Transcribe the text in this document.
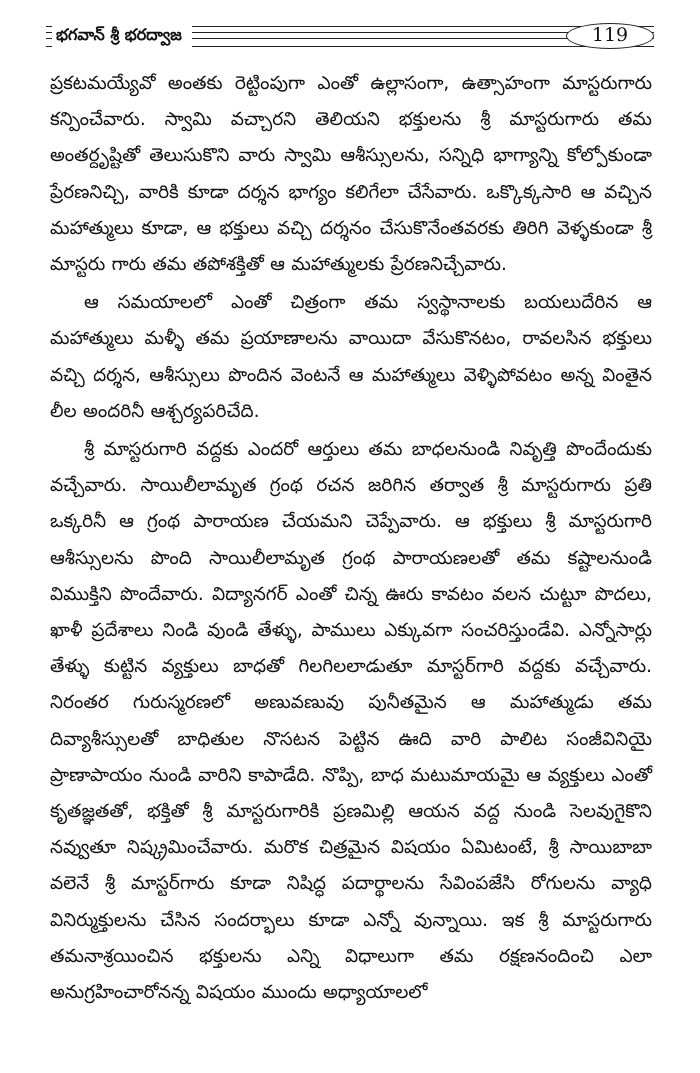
భగవాన్ శ్రీ భరద్వాజ	119

ప్రకటమయ్యేవో అంతకు రెట్టింపుగా ఎంతో ఉల్లాసంగా, ఉత్సాహంగా మాస్టరుగారు కన్పించేవారు. స్వామి వచ్చారని తెలియని భక్తులను శ్రీ మాస్టరుగారు తమ అంతర్దృష్టితో తెలుసుకొని వారు స్వామి ఆశీస్సులను, సన్నిధి భాగ్యాన్ని కోల్పోకుండా ప్రేరణనిచ్చి, వారికి కూడా దర్శన భాగ్యం కలిగేలా చేసేవారు. ఒక్కొక్కసారి ఆ వచ్చిన మహాత్ములు కూడా, ఆ భక్తులు వచ్చి దర్శనం చేసుకొనేంతవరకు తిరిగి వెళ్ళకుండా శ్రీ మాస్టరు గారు తమ తపోశక్తితో ఆ మహాత్ములకు ప్రేరణనిచ్చేవారు.

ఆ సమయాలలో ఎంతో చిత్రంగా తమ స్వస్థానాలకు బయలుదేరిన ఆ మహాత్ములు మళ్ళీ తమ ప్రయాణాలను వాయిదా వేసుకొనటం, రావలసిన భక్తులు వచ్చి దర్శన, ఆశీస్సులు పొందిన వెంటనే ఆ మహాత్ములు వెళ్ళిపోవటం అన్న వింతైన లీల అందరినీ ఆశ్చర్యపరిచేది.

శ్రీ మాస్టరుగారి వద్దకు ఎందరో ఆర్తులు తమ బాధలనుండి నివృత్తి పొందేందుకు వచ్చేవారు. సాయిలీలామృత గ్రంథ రచన జరిగిన తర్వాత శ్రీ మాస్టరుగారు ప్రతి ఒక్కరినీ ఆ గ్రంథ పారాయణ చేయమని చెప్పేవారు. ఆ భక్తులు శ్రీ మాస్టరుగారి ఆశీస్సులను పొంది సాయిలీలామృత గ్రంథ పారాయణలతో తమ కష్టాలనుండి విముక్తిని పొందేవారు. విద్యానగర్ ఎంతో చిన్న ఊరు కావటం వలన చుట్టూ పొదలు, ఖాళీ ప్రదేశాలు నిండి వుండి తేళ్ళు, పాములు ఎక్కువగా సంచరిస్తుండేవి. ఎన్నోసార్లు తేళ్ళు కుట్టిన వ్యక్తులు బాధతో గిలగిలలాడుతూ మాస్టర్‌గారి వద్దకు వచ్చేవారు. నిరంతర గురుస్మరణలో అణువణువు పునీతమైన ఆ మహాత్ముడు తమ దివ్యాశీస్సులతో బాధితుల నొసటన పెట్టిన ఊది వారి పాలిట సంజీవినియై ప్రాణాపాయం నుండి వారిని కాపాడేది. నొప్పి, బాధ మటుమాయమై ఆ వ్యక్తులు ఎంతో కృతజ్ఞతతో, భక్తితో శ్రీ మాస్టరుగారికి ప్రణమిల్లి ఆయన వద్ద నుండి సెలవుగైకొని నవ్వుతూ నిష్క్రమించేవారు. మరొక చిత్రమైన విషయం ఏమిటంటే, శ్రీ సాయిబాబా వలెనే శ్రీ మాస్టర్‌గారు కూడా నిషిద్ధ పదార్థాలను సేవింపజేసి రోగులను వ్యాధి వినిర్ముక్తులను చేసిన సందర్భాలు కూడా ఎన్నో వున్నాయి. ఇక శ్రీ మాస్టరుగారు తమనాశ్రయించిన భక్తులను ఎన్ని విధాలుగా తమ రక్షణనందించి ఎలా అనుగ్రహించారోనన్న విషయం ముందు అధ్యాయాలలో
